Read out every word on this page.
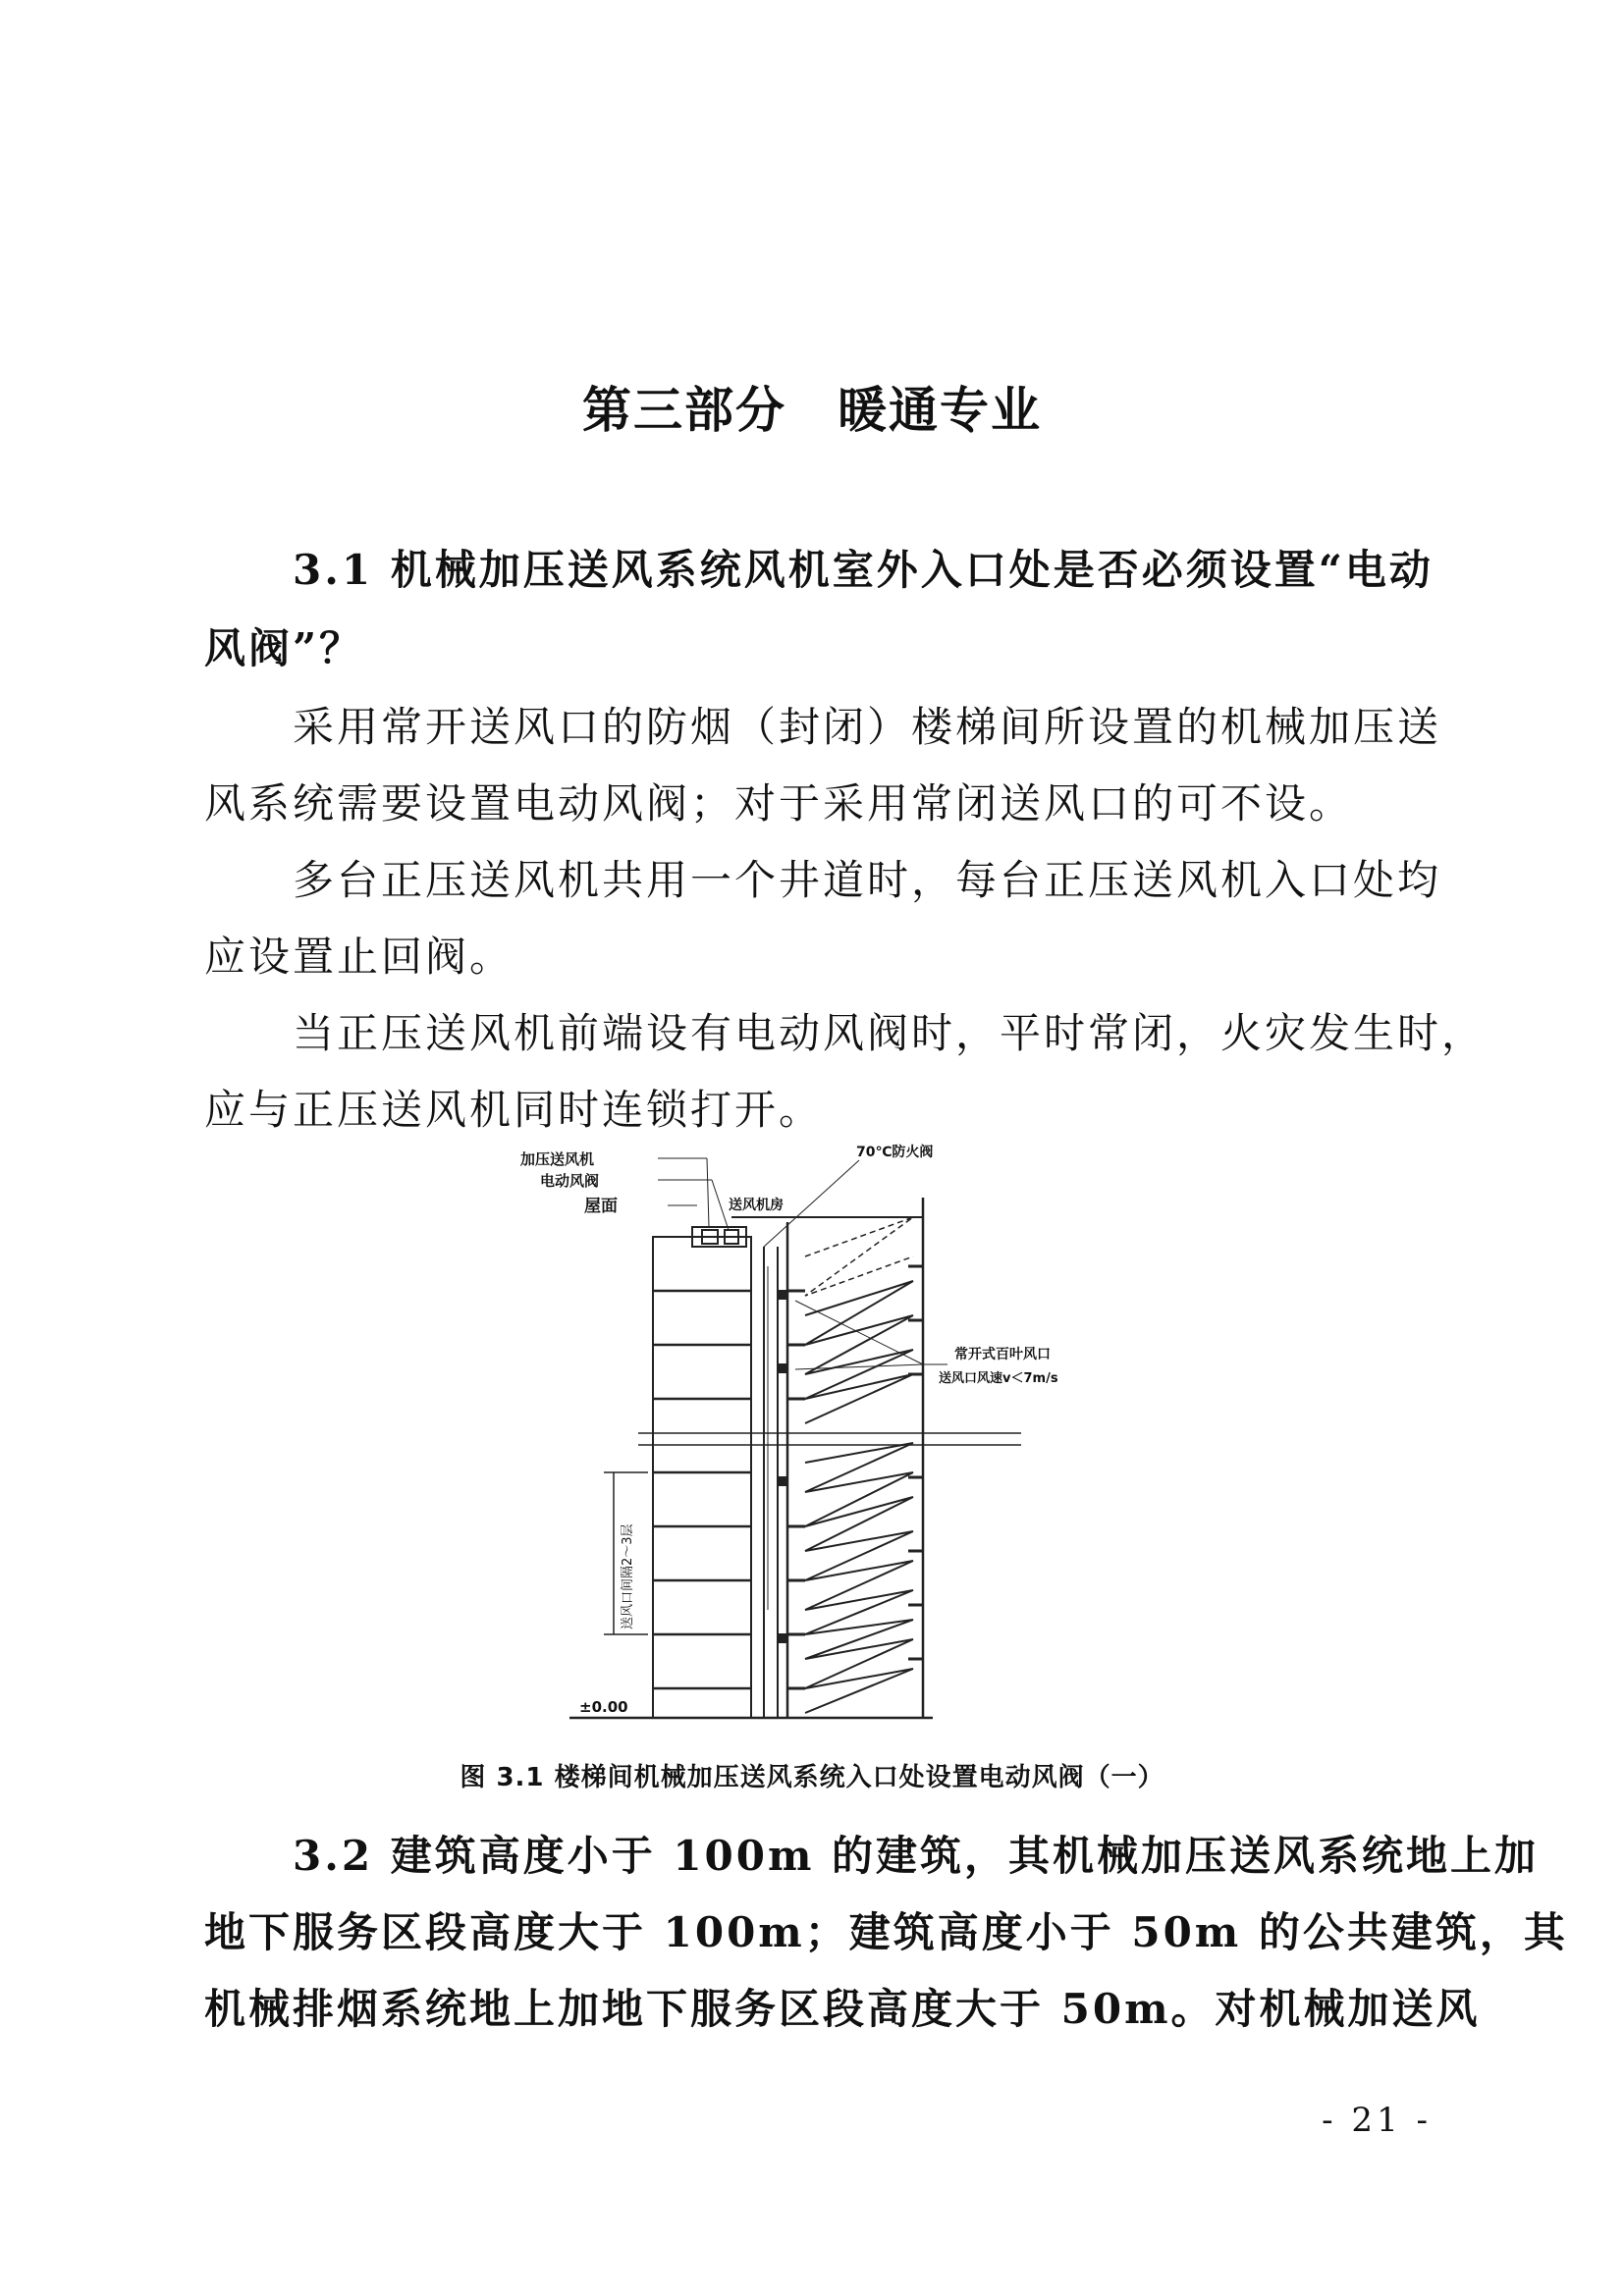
第三部分　暖通专业
3.1 机械加压送风系统风机室外入口处是否必须设置“电动
风阀”？
采用常开送风口的防烟（封闭）楼梯间所设置的机械加压送
风系统需要设置电动风阀；对于采用常闭送风口的可不设。
多台正压送风机共用一个井道时，每台正压送风机入口处均
应设置止回阀。
当正压送风机前端设有电动风阀时，平时常闭，火灾发生时，
应与正压送风机同时连锁打开。
加压送风机
电动风阀
屋面	送风机房
70℃防火阀
常开式百叶风口
送风口风速v＜7m/s
送风口间隔2～3层
±0.00
图 3.1 楼梯间机械加压送风系统入口处设置电动风阀（一）
3.2 建筑高度小于 100m 的建筑，其机械加压送风系统地上加
地下服务区段高度大于 100m；建筑高度小于 50m 的公共建筑，其
机械排烟系统地上加地下服务区段高度大于 50m。对机械加送风
- 21 -
